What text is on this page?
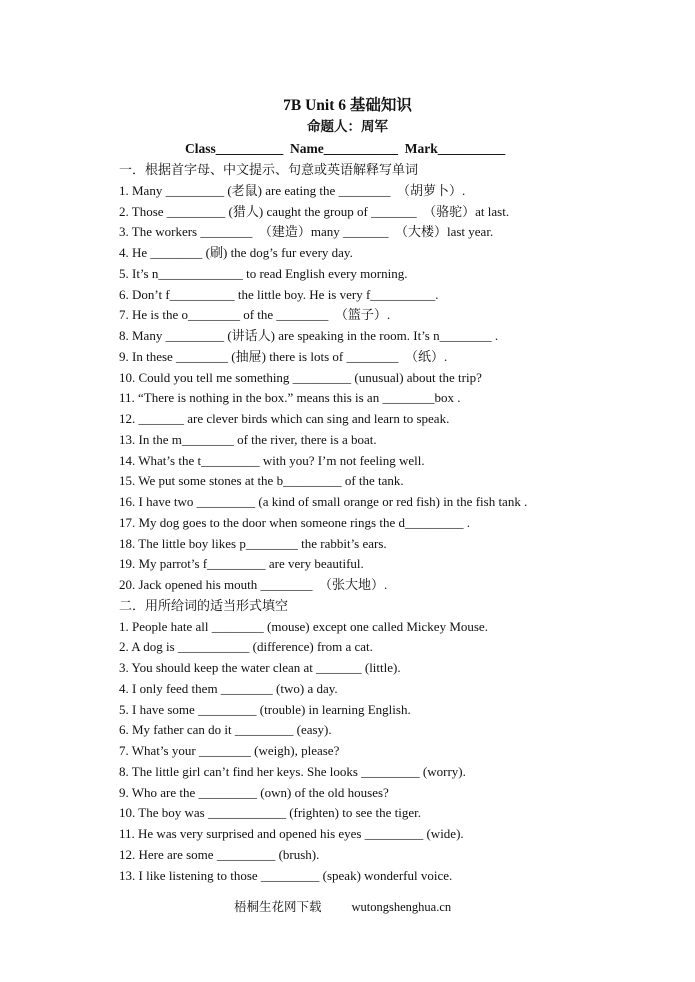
7B Unit 6 基础知识
命题人：周军
Class__________  Name___________  Mark__________
一．根据首字母、中文提示、句意或英语解释写单词
1. Many _________ (老鼠) are eating the ________  （胡萝卜）.
2. Those _________ (猎人) caught the group of _______  （骆驼）at last.
3. The workers ________  （建造）many _______  （大楼）last year.
4. He ________ (刷) the dog’s fur every day.
5. It’s n_____________ to read English every morning.
6. Don’t f__________ the little boy. He is very f__________.
7. He is the o________ of the ________  （篮子）.
8. Many _________ (讲话人) are speaking in the room. It’s n________ .
9. In these ________ (抽屉) there is lots of ________  （纸）.
10. Could you tell me something _________ (unusual) about the trip?
11. “There is nothing in the box.” means this is an ________box .
12. _______ are clever birds which can sing and learn to speak.
13. In the m________ of the river, there is a boat.
14. What’s the t_________ with you? I’m not feeling well.
15. We put some stones at the b_________ of the tank.
16. I have two _________ (a kind of small orange or red fish) in the fish tank .
17. My dog goes to the door when someone rings the d_________ .
18. The little boy likes p________ the rabbit’s ears.
19. My parrot’s f_________ are very beautiful.
20. Jack opened his mouth ________  （张大地）.
二．用所给词的适当形式填空
1. People hate all ________ (mouse) except one called Mickey Mouse.
2. A dog is ___________ (difference) from a cat.
3. You should keep the water clean at _______ (little).
4. I only feed them ________ (two) a day.
5. I have some _________ (trouble) in learning English.
6. My father can do it _________ (easy).
7. What’s your ________ (weigh), please?
8. The little girl can’t find her keys. She looks _________ (worry).
9. Who are the _________ (own) of the old houses?
10. The boy was ____________ (frighten) to see the tiger.
11. He was very surprised and opened his eyes _________ (wide).
12. Here are some _________ (brush).
13. I like listening to those _________ (speak) wonderful voice.
梧桐生花网下载 wutongshenghua.cn
